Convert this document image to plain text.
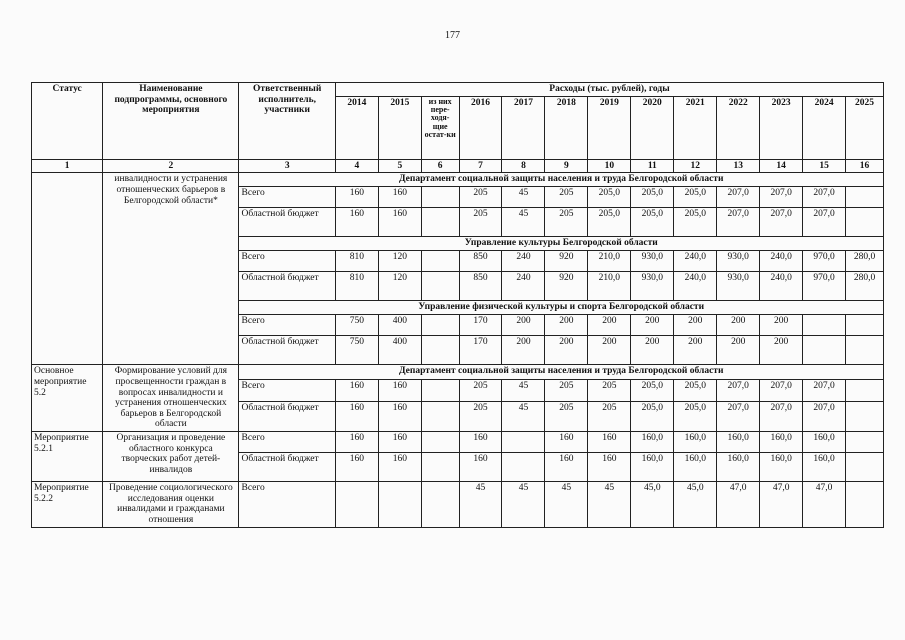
177
Статус	Наименование подпрограммы, основного мероприятия	Ответственный исполнитель, участники	Расходы (тыс. рублей), годы												
			2014	2015	из них пере-ходя-щие остат-ки	2016	2017	2018	2019	2020	2021	2022	2023	2024	2025
1	2	3	4	5	6	7	8	9	10	11	12	13	14	15	16
	инвалидности и устранения отношенческих барьеров в Белгородской области*	Департамент социальной защиты населения и труда Белгородской области													
		Всего	160	160		205	45	205	205,0	205,0	205,0	207,0	207,0	207,0	
		Областной бюджет	160	160		205	45	205	205,0	205,0	205,0	207,0	207,0	207,0	
		Управление культуры Белгородской области													
		Всего	810	120		850	240	920	210,0	930,0	240,0	930,0	240,0	970,0	280,0
		Областной бюджет	810	120		850	240	920	210,0	930,0	240,0	930,0	240,0	970,0	280,0
		Управление физической культуры и спорта Белгородской области													
		Всего	750	400		170	200	200	200	200	200	200	200		
		Областной бюджет	750	400		170	200	200	200	200	200	200	200		
Основное мероприятие 5.2	Формирование условий для просвещенности граждан в вопросах инвалидности и устранения отношенческих барьеров в Белгородской области	Департамент социальной защиты населения и труда Белгородской области													
		Всего	160	160		205	45	205	205	205,0	205,0	207,0	207,0	207,0	
		Областной бюджет	160	160		205	45	205	205	205,0	205,0	207,0	207,0	207,0	
Мероприятие 5.2.1	Организация и проведение областного конкурса творческих работ детей-инвалидов	Всего	160	160		160		160	160	160,0	160,0	160,0	160,0	160,0	
		Областной бюджет	160	160		160		160	160	160,0	160,0	160,0	160,0	160,0	
Мероприятие 5.2.2	Проведение социологического исследования оценки инвалидами и гражданами отношения	Всего				45	45	45	45	45,0	45,0	47,0	47,0	47,0	
